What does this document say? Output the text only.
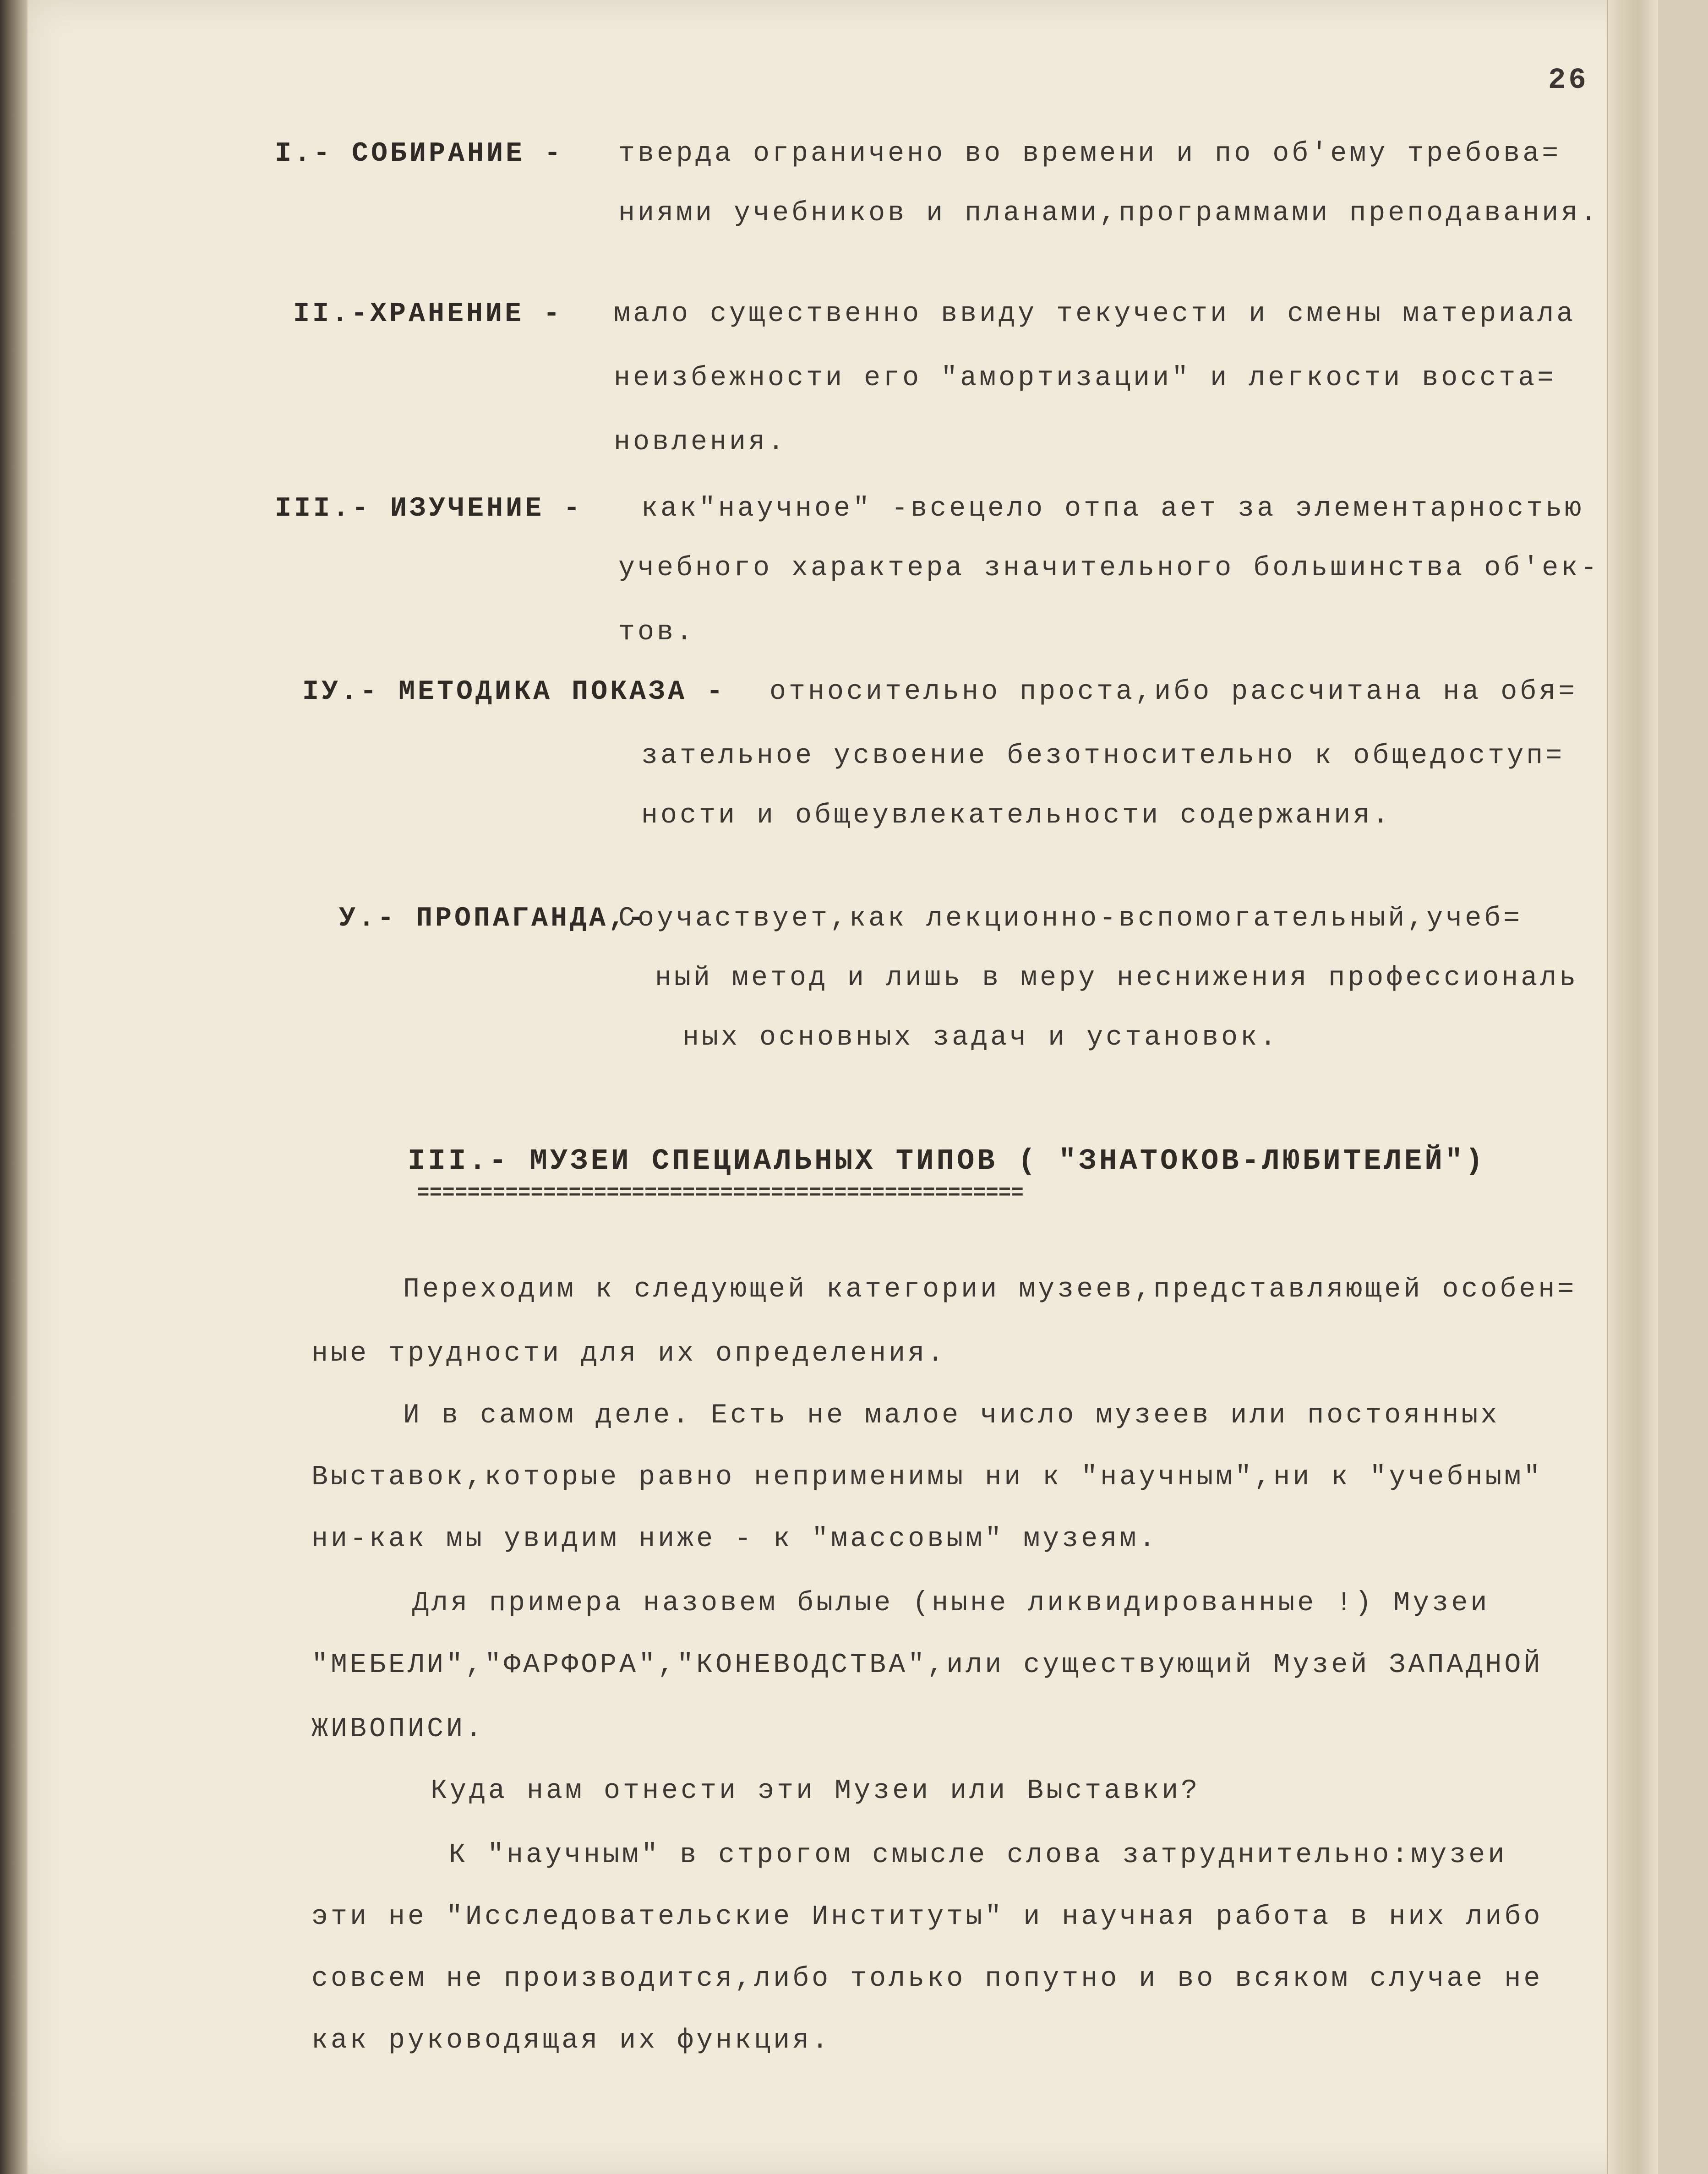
26
I.- СОБИРАНИЕ - тверда ограничено во времени и по об'ему требова=
ниями учебников и планами,программами преподавания.
II.-ХРАНЕНИЕ - мало существенно ввиду текучести и смены материала
неизбежности его "амортизации" и легкости восста=
новления.
III.- ИЗУЧЕНИЕ - как"научное" -всецело отпа ает за элементарностью
учебного характера значительного большинства об'ек-
тов.
IУ.- МЕТОДИКА ПОКАЗА - относительно проста,ибо рассчитана на обя=
зательное усвоение безотносительно к общедоступ=
ности и общеувлекательности содержания.
У.- ПРОПАГАНДА,-
Соучаствует,как лекционно-вспомогательный,учеб=
ный метод и лишь в меру неснижения профессиональ
ных основных задач и установок.
III.- МУЗЕИ СПЕЦИАЛЬНЫХ ТИПОВ ( "ЗНАТОКОВ-ЛЮБИТЕЛЕЙ")
================================================
Переходим к следующей категории музеев,представляющей особен=
ные трудности для их определения.
И в самом деле. Есть не малое число музеев или постоянных
Выставок,которые равно неприменимы ни к "научным",ни к "учебным"
ни-как мы увидим ниже - к "массовым" музеям.
Для примера назовем былые (ныне ликвидированные !) Музеи
"МЕБЕЛИ","ФАРФОРА","КОНЕВОДСТВА",или существующий Музей ЗАПАДНОЙ
ЖИВОПИСИ.
Куда нам отнести эти Музеи или Выставки?
К "научным" в строгом смысле слова затруднительно:музеи
эти не "Исследовательские Институты" и научная работа в них либо
совсем не производится,либо только попутно и во всяком случае не
как руководящая их функция.
